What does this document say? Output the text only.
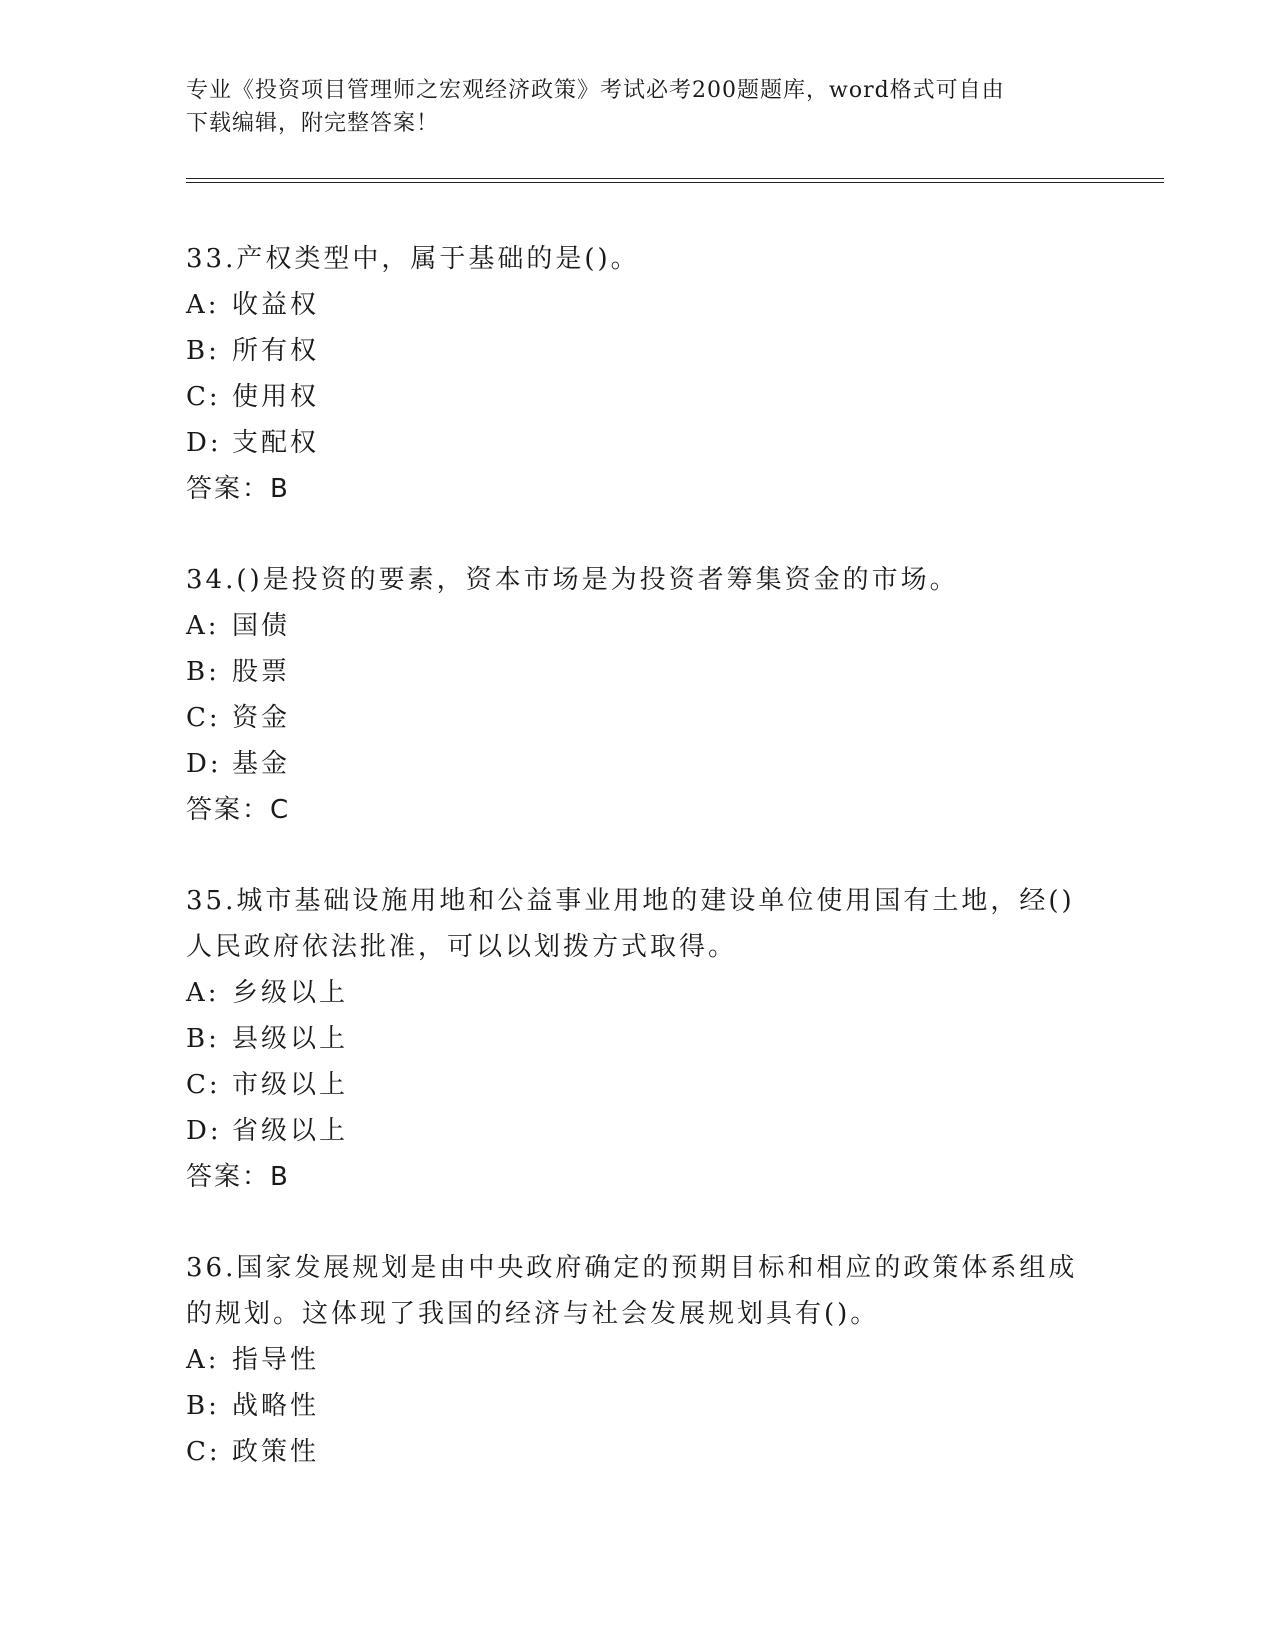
专业《投资项目管理师之宏观经济政策》考试必考200题题库，word格式可自由
下载编辑，附完整答案！
33.产权类型中，属于基础的是()。
A: 收益权
B: 所有权
C: 使用权
D: 支配权
答案：B
34.()是投资的要素，资本市场是为投资者筹集资金的市场。
A: 国债
B: 股票
C: 资金
D: 基金
答案：C
35.城市基础设施用地和公益事业用地的建设单位使用国有土地，经()人民政府依法批准，可以以划拨方式取得。
A: 乡级以上
B: 县级以上
C: 市级以上
D: 省级以上
答案：B
36.国家发展规划是由中央政府确定的预期目标和相应的政策体系组成的规划。这体现了我国的经济与社会发展规划具有()。
A: 指导性
B: 战略性
C: 政策性
